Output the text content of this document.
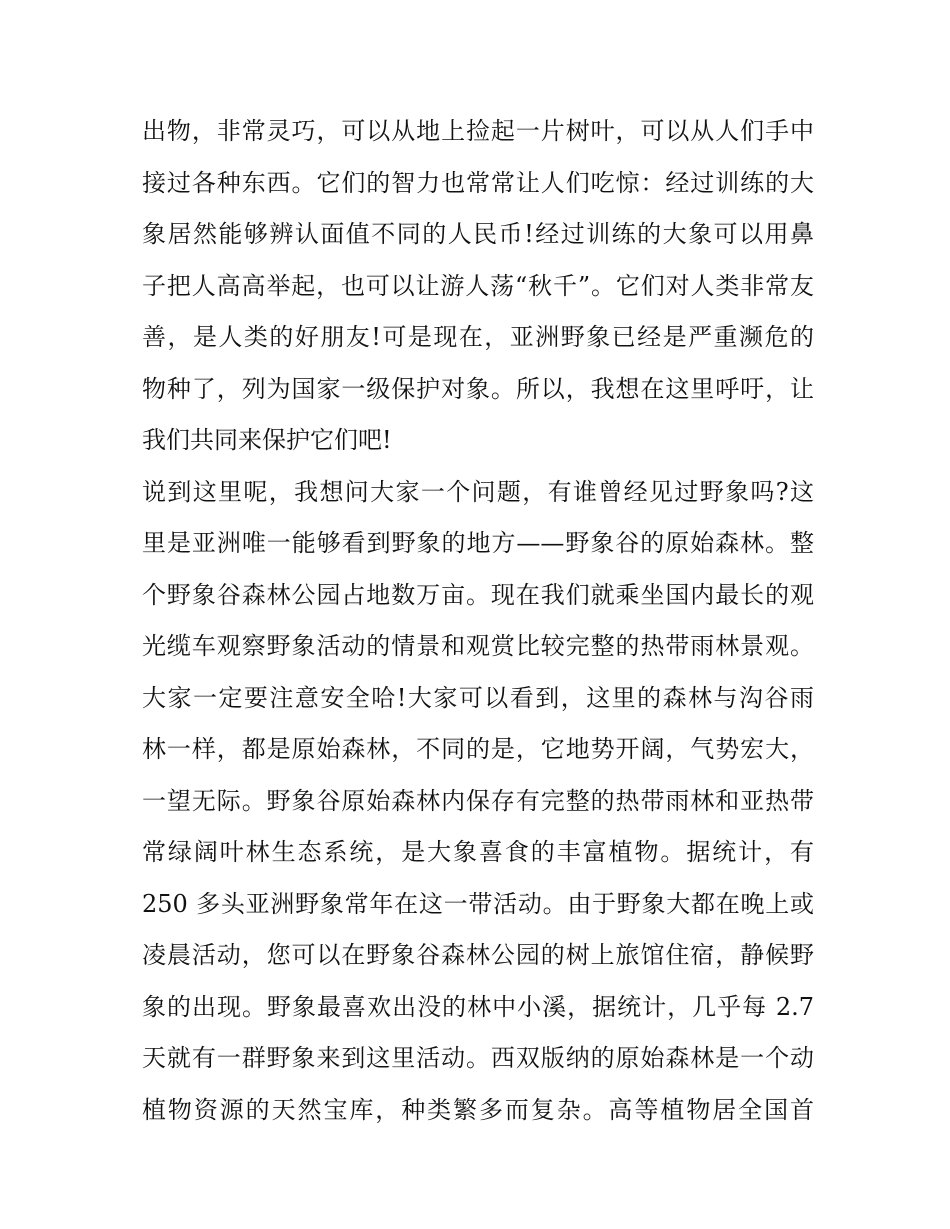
出物，非常灵巧，可以从地上捡起一片树叶，可以从人们手中
接过各种东西。它们的智力也常常让人们吃惊：经过训练的大
象居然能够辨认面值不同的人民币!经过训练的大象可以用鼻
子把人高高举起，也可以让游人荡“秋千”。它们对人类非常友
善，是人类的好朋友!可是现在，亚洲野象已经是严重濒危的
物种了，列为国家一级保护对象。所以，我想在这里呼吁，让
我们共同来保护它们吧!
说到这里呢，我想问大家一个问题，有谁曾经见过野象吗?这
里是亚洲唯一能够看到野象的地方——野象谷的原始森林。整
个野象谷森林公园占地数万亩。现在我们就乘坐国内最长的观
光缆车观察野象活动的情景和观赏比较完整的热带雨林景观。
大家一定要注意安全哈!大家可以看到，这里的森林与沟谷雨
林一样，都是原始森林，不同的是，它地势开阔，气势宏大，
一望无际。野象谷原始森林内保存有完整的热带雨林和亚热带
常绿阔叶林生态系统，是大象喜食的丰富植物。据统计，有
250 多头亚洲野象常年在这一带活动。由于野象大都在晚上或
凌晨活动，您可以在野象谷森林公园的树上旅馆住宿，静候野
象的出现。野象最喜欢出没的林中小溪，据统计，几乎每 2.7
天就有一群野象来到这里活动。西双版纳的原始森林是一个动
植物资源的天然宝库，种类繁多而复杂。高等植物居全国首
